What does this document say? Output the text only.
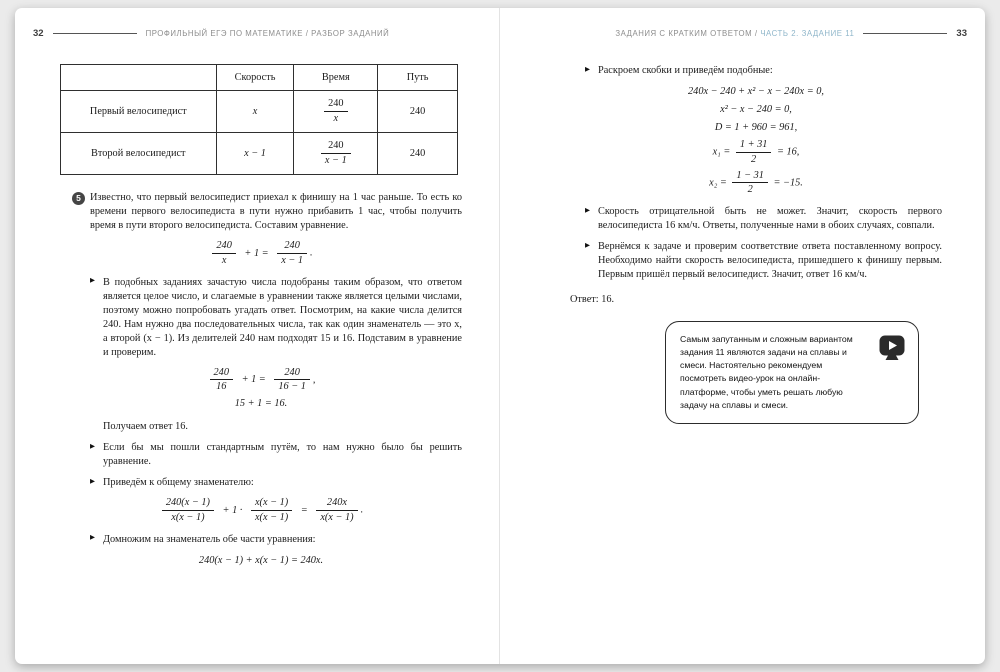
32	ПРОФИЛЬНЫЙ ЕГЭ ПО МАТЕМАТИКЕ / РАЗБОР ЗАДАНИЙ
	Скорость	Время	Путь
Первый велосипедист	x	$\frac{240}{x}$	240
Второй велосипедист	x − 1	$\frac{240}{x - 1}$	240
5 Известно, что первый велосипедист приехал к финишу на 1 час раньше. То есть ко времени первого велосипедиста в пути нужно прибавить 1 час, чтобы получить время в пути второго велосипедиста. Составим уравнение.
$\frac{240}{x} + 1 = \frac{240}{x - 1}$ .
▶ В подобных заданиях зачастую числа подобраны таким образом, что ответом является целое число, и слагаемые в уравнении также является целыми числами, поэтому можно попробовать угадать ответ. Посмотрим, на какие числа делится 240. Нам нужно два последовательных числа, так как один знаменатель — это x, а второй (x − 1). Из делителей 240 нам подходят 15 и 16. Подставим в уравнение и проверим.
$\frac{240}{16} + 1 = \frac{240}{16 - 1}$ ,
15 + 1 = 16.
Получаем ответ 16.
▶ Если бы мы пошли стандартным путём, то нам нужно было бы решить уравнение.
▶ Приведём к общему знаменателю:
$\frac{240(x - 1)}{x(x - 1)} + 1 \cdot \frac{x(x - 1)}{x(x - 1)} = \frac{240x}{x(x - 1)}$ .
▶ Домножим на знаменатель обе части уравнения:
240(x − 1) + x(x − 1) = 240x.
ЗАДАНИЯ С КРАТКИМ ОТВЕТОМ / ЧАСТЬ 2. ЗАДАНИЕ 11	33
▶ Раскроем скобки и приведём подобные:
240x − 240 + x² − x − 240x = 0,
x² − x − 240 = 0,
D = 1 + 960 = 961,
$x_1 = \frac{1 + 31}{2} = 16$,
$x_2 = \frac{1 - 31}{2} = -15$.
▶ Скорость отрицательной быть не может. Значит, скорость первого велосипедиста 16 км/ч. Ответы, полученные нами в обоих случаях, совпали.
▶ Вернёмся к задаче и проверим соответствие ответа поставленному вопросу. Необходимо найти скорость велосипедиста, пришедшего к финишу первым. Первым пришёл первый велосипедист. Значит, ответ 16 км/ч.
Ответ: 16.
Самым запутанным и сложным вариантом задания 11 являются задачи на сплавы и смеси. Настоятельно рекомендуем посмотреть видео-урок на онлайн-платформе, чтобы уметь решать любую задачу на сплавы и смеси.
